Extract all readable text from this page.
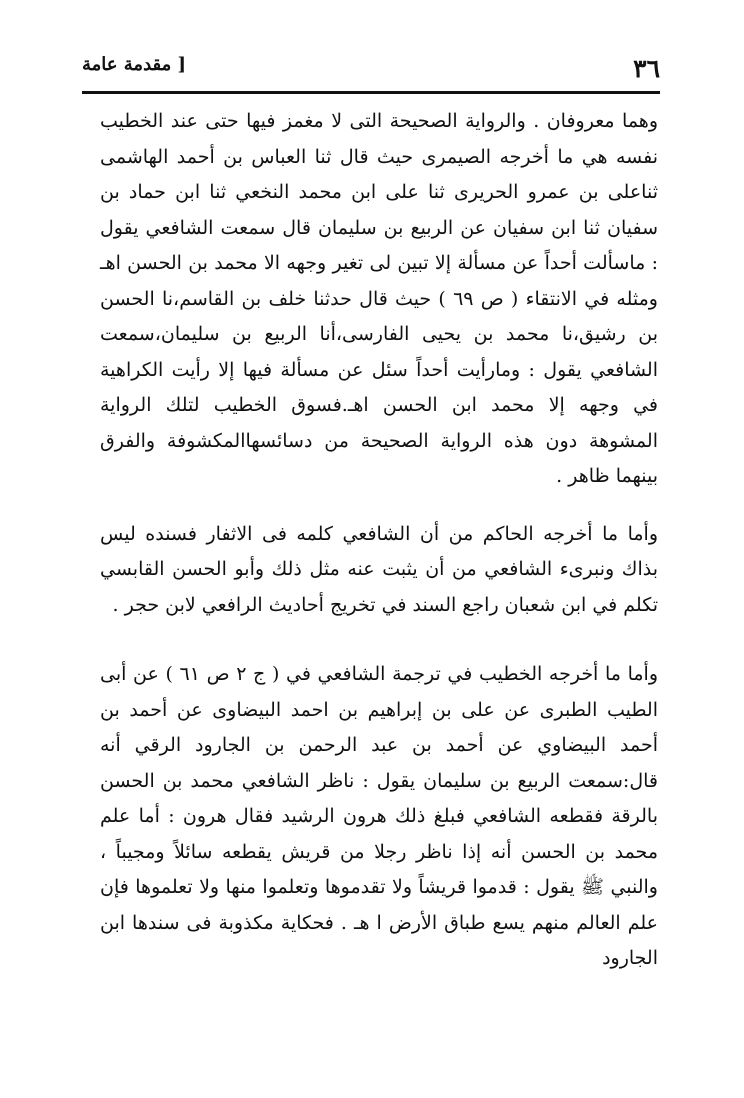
٣٦
[ مقدمة عامة

وهما معروفان . والرواية الصحيحة التى لا مغمز فيها حتى عند الخطيب نفسه هي ما أخرجه الصيمرى حيث قال ثنا العباس بن أحمد الهاشمى ثناعلى بن عمرو الحريرى ثنا على ابن محمد النخعي ثنا ابن حماد بن سفيان ثنا ابن سفيان عن الربيع بن سليمان قال سمعت الشافعي يقول : ماسألت أحداً عن مسألة إلا تبين لى تغير وجهه الا محمد بن الحسن اهـ ومثله في الانتقاء ( ص ٦٩ ) حيث قال حدثنا خلف بن القاسم،نا الحسن بن رشيق،نا محمد بن يحيى الفارسى،أنا الربيع بن سليمان،سمعت الشافعي يقول : ومارأيت أحداً سئل عن مسألة فيها إلا رأيت الكراهية في وجهه إلا محمد ابن الحسن اهـ.فسوق الخطيب لتلك الرواية المشوهة دون هذه الرواية الصحيحة من دسائسهاالمكشوفة والفرق بينهما ظاهر .

وأما ما أخرجه الحاكم من أن الشافعي كلمه فى الاثفار فسنده ليس بذاك ونبرىء الشافعي من أن يثبت عنه مثل ذلك وأبو الحسن القابسي تكلم في ابن شعبان راجع السند في تخريج أحاديث الرافعي لابن حجر .

وأما ما أخرجه الخطيب في ترجمة الشافعي في ( ج ٢ ص ٦١ ) عن أبى الطيب الطبرى عن على بن إبراهيم بن احمد البيضاوى عن أحمد بن أحمد البيضاوي عن أحمد بن عبد الرحمن بن الجارود الرقي أنه قال:سمعت الربيع بن سليمان يقول : ناظر الشافعي محمد بن الحسن بالرقة فقطعه الشافعي فبلغ ذلك هرون الرشيد فقال هرون : أما علم محمد بن الحسن أنه إذا ناظر رجلا من قريش يقطعه سائلاً ومجيباً ، والنبي ﷺ يقول : قدموا قريشاً ولا تقدموها وتعلموا منها ولا تعلموها فإن علم العالم منهم يسع طباق الأرض ا هـ . فحكاية مكذوبة فى سندها ابن الجارود
